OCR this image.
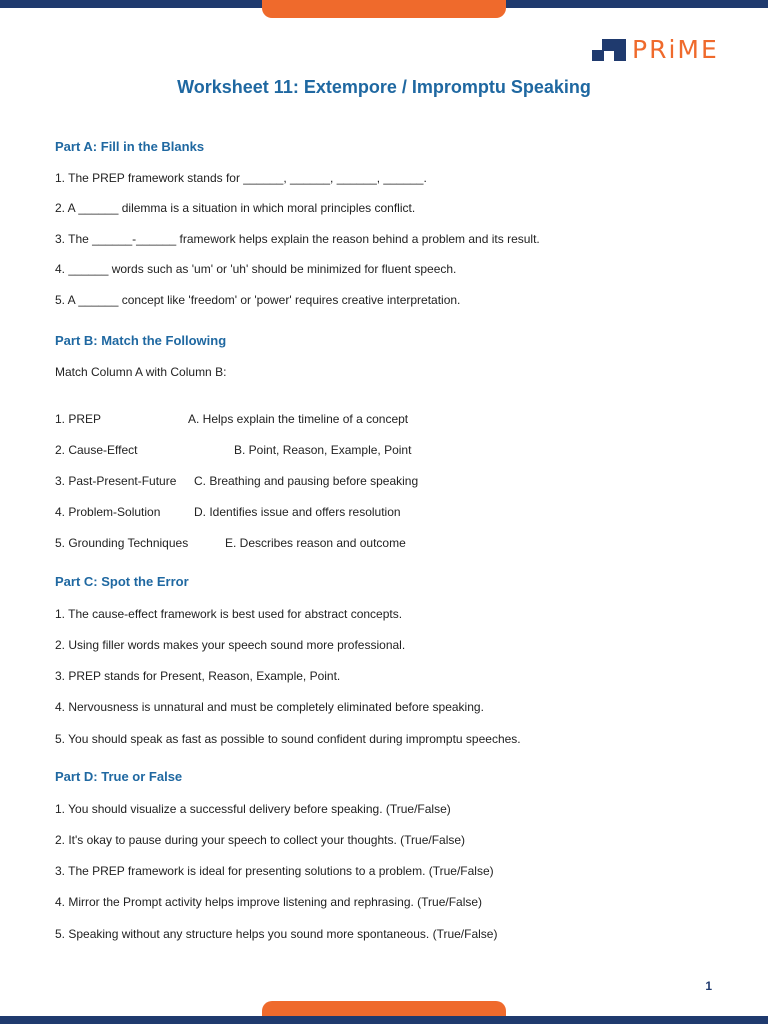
PRiME
Worksheet 11: Extempore / Impromptu Speaking
Part A: Fill in the Blanks
1. The PREP framework stands for ______, ______, ______, ______.
2. A ______ dilemma is a situation in which moral principles conflict.
3. The ______-______ framework helps explain the reason behind a problem and its result.
4. ______ words such as 'um' or 'uh' should be minimized for fluent speech.
5. A ______ concept like 'freedom' or 'power' requires creative interpretation.
Part B: Match the Following
Match Column A with Column B:
1. PREP	A. Helps explain the timeline of a concept
2. Cause-Effect	B. Point, Reason, Example, Point
3. Past-Present-Future C. Breathing and pausing before speaking
4. Problem-Solution	D. Identifies issue and offers resolution
5. Grounding Techniques	E. Describes reason and outcome
Part C: Spot the Error
1. The cause-effect framework is best used for abstract concepts.
2. Using filler words makes your speech sound more professional.
3. PREP stands for Present, Reason, Example, Point.
4. Nervousness is unnatural and must be completely eliminated before speaking.
5. You should speak as fast as possible to sound confident during impromptu speeches.
Part D: True or False
1. You should visualize a successful delivery before speaking. (True/False)
2. It's okay to pause during your speech to collect your thoughts. (True/False)
3. The PREP framework is ideal for presenting solutions to a problem. (True/False)
4. Mirror the Prompt activity helps improve listening and rephrasing. (True/False)
5. Speaking without any structure helps you sound more spontaneous. (True/False)
1
